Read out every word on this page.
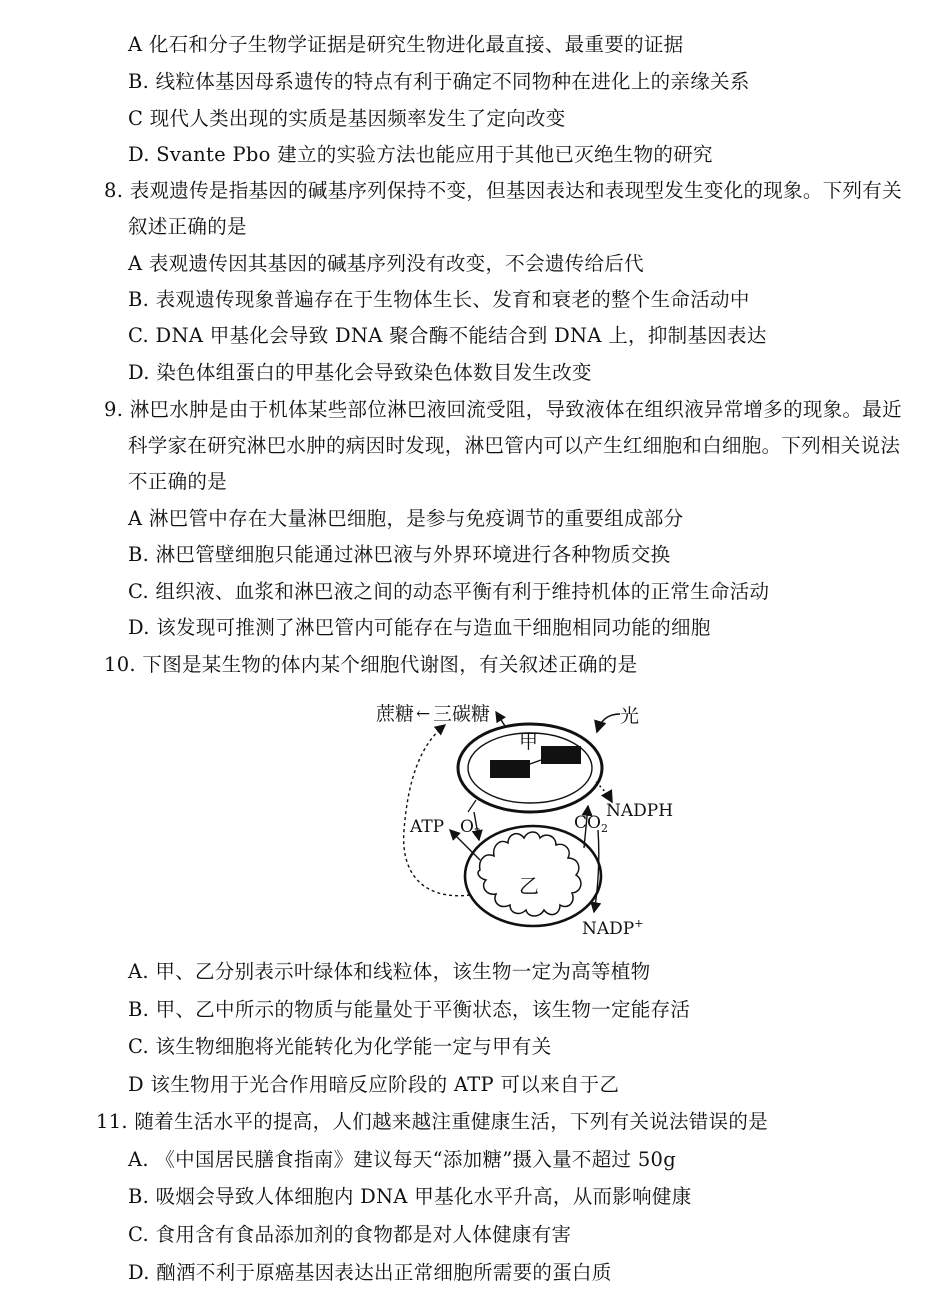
A 化石和分子生物学证据是研究生物进化最直接、最重要的证据
B. 线粒体基因母系遗传的特点有利于确定不同物种在进化上的亲缘关系
C 现代人类出现的实质是基因频率发生了定向改变
D. Svante Pbo 建立的实验方法也能应用于其他已灭绝生物的研究
8. 表观遗传是指基因的碱基序列保持不变，但基因表达和表现型发生变化的现象。下列有关
叙述正确的是
A 表观遗传因其基因的碱基序列没有改变，不会遗传给后代
B. 表观遗传现象普遍存在于生物体生长、发育和衰老的整个生命活动中
C. DNA 甲基化会导致 DNA 聚合酶不能结合到 DNA 上，抑制基因表达
D. 染色体组蛋白的甲基化会导致染色体数目发生改变
9. 淋巴水肿是由于机体某些部位淋巴液回流受阻，导致液体在组织液异常增多的现象。最近
科学家在研究淋巴水肿的病因时发现，淋巴管内可以产生红细胞和白细胞。下列相关说法
不正确的是
A 淋巴管中存在大量淋巴细胞，是参与免疫调节的重要组成部分
B. 淋巴管壁细胞只能通过淋巴液与外界环境进行各种物质交换
C. 组织液、血浆和淋巴液之间的动态平衡有利于维持机体的正常生命活动
D. 该发现可推测了淋巴管内可能存在与造血干细胞相同功能的细胞
10. 下图是某生物的体内某个细胞代谢图，有关叙述正确的是
蔗糖 ← 三碳糖	光
甲
NADPH
乙
ATP $O_2$	$CO_2$
NADP+
A. 甲、乙分别表示叶绿体和线粒体，该生物一定为高等植物
B. 甲、乙中所示的物质与能量处于平衡状态，该生物一定能存活
C. 该生物细胞将光能转化为化学能一定与甲有关
D 该生物用于光合作用暗反应阶段的 ATP 可以来自于乙
11. 随着生活水平的提高，人们越来越注重健康生活，下列有关说法错误的是
A. 《中国居民膳食指南》建议每天“添加糖”摄入量不超过 50g
B. 吸烟会导致人体细胞内 DNA 甲基化水平升高，从而影响健康
C. 食用含有食品添加剂的食物都是对人体健康有害
D. 酗酒不利于原癌基因表达出正常细胞所需要的蛋白质
